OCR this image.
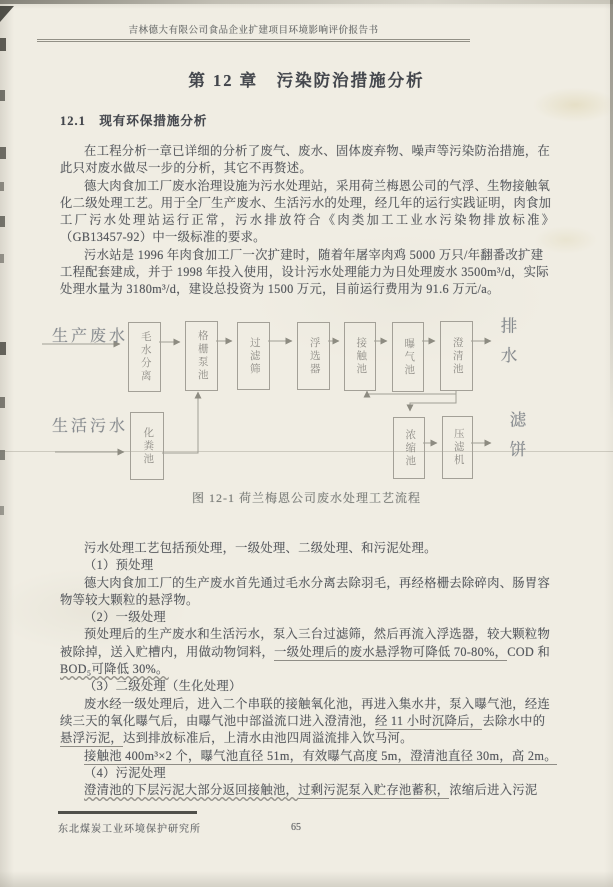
吉林德大有限公司食品企业扩建项目环境影响评价报告书
第 12 章　污染防治措施分析
12.1　现有环保措施分析
在工程分析一章已详细的分析了废气、废水、固体废弃物、噪声等污染防治措施，在
此只对废水做尽一步的分析，其它不再赘述。
德大肉食加工厂废水治理设施为污水处理站，采用荷兰梅恩公司的气浮、生物接触氧
化二级处理工艺。用于全厂生产废水、生活污水的处理，经几年的运行实践证明，肉食加
工厂污水处理站运行正常，污水排放符合《肉类加工工业水污染物排放标准》
（GB13457-92）中一级标准的要求。
污水站是 1996 年肉食加工厂一次扩建时，随着年屠宰肉鸡 5000 万只/年翻番改扩建
工程配套建成，并于 1998 年投入使用，设计污水处理能力为日处理废水 3500m³/d，实际
处理水量为 3180m³/d，建设总投资为 1500 万元，目前运行费用为 91.6 万元/a。
生产废水
生活污水
排水
滤饼
毛水分离	格栅泵池	过滤筛	浮选器	接触池	曝气池	澄清池
化粪池	浓缩池	压滤机
图 12-1 荷兰梅恩公司废水处理工艺流程
污水处理工艺包括预处理，一级处理、二级处理、和污泥处理。
（1）预处理
德大肉食加工厂的生产废水首先通过毛水分离去除羽毛，再经格栅去除碎肉、肠胃容
物等较大颗粒的悬浮物。
（2）一级处理
预处理后的生产废水和生活污水，泵入三台过滤筛，然后再流入浮选器，较大颗粒物
被除掉，送入贮槽内，用做动物饲料，一级处理后的废水悬浮物可降低 70-80%，COD 和
BOD₅可降低 30%。
（3）二级处理（生化处理）
废水经一级处理后，进入二个串联的接触氧化池，再进入集水井，泵入曝气池，经连
续三天的氧化曝气后，由曝气池中部溢流口进入澄清池，经 11 小时沉降后，去除水中的
悬浮污泥，达到排放标准后，上清水由池四周溢流排入饮马河。
接触池 400m³×2 个，曝气池直径 51m，有效曝气高度 5m，澄清池直径 30m，高 2m。
（4）污泥处理
澄清池的下层污泥大部分返回接触池，过剩污泥泵入贮存池蓄积，浓缩后进入污泥
东北煤炭工业环境保护研究所	65
